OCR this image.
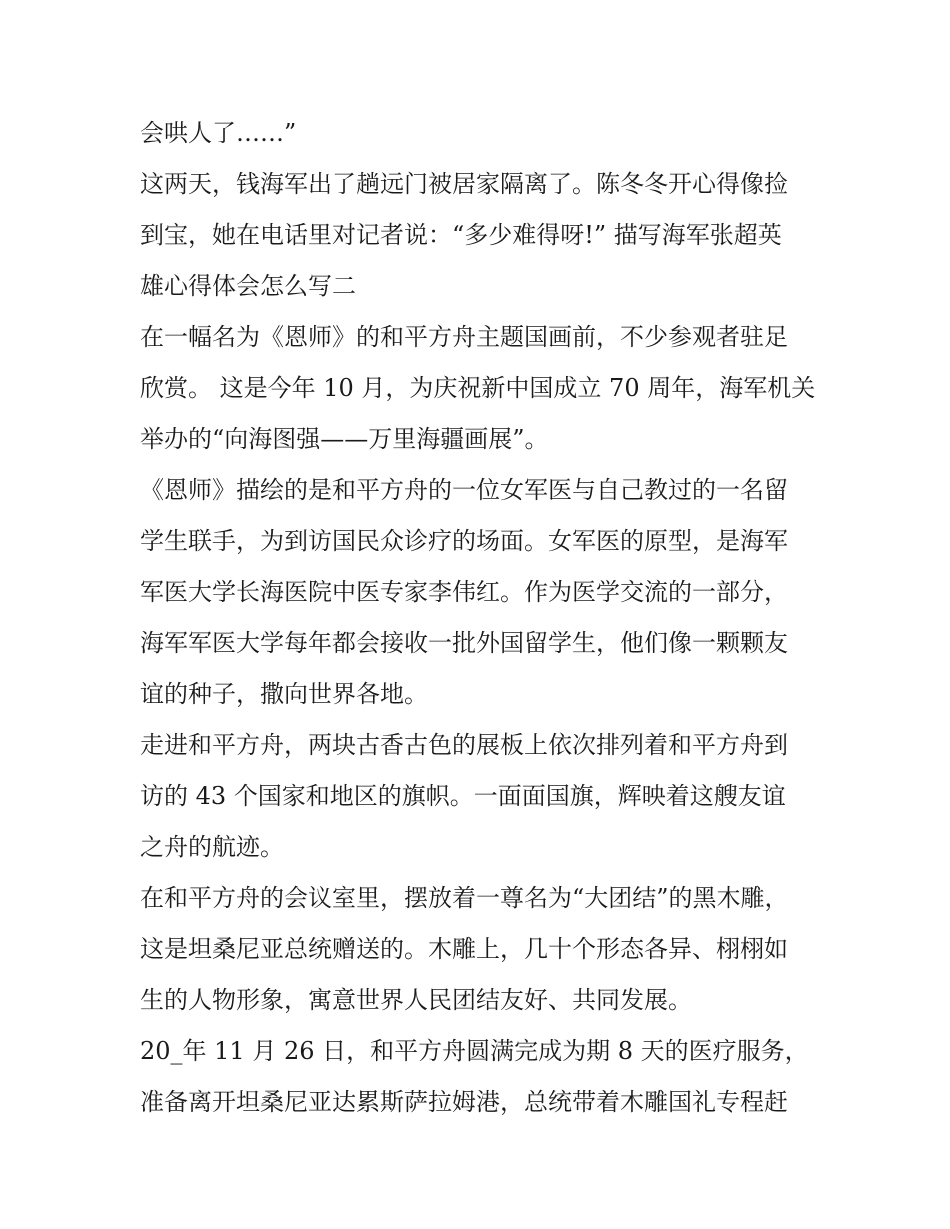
会哄人了……”
这两天，钱海军出了趟远门被居家隔离了。陈冬冬开心得像捡
到宝，她在电话里对记者说：“多少难得呀!” 描写海军张超英
雄心得体会怎么写二
在一幅名为《恩师》的和平方舟主题国画前，不少参观者驻足
欣赏。 这是今年 10 月，为庆祝新中国成立 70 周年，海军机关
举办的“向海图强——万里海疆画展”。
《恩师》描绘的是和平方舟的一位女军医与自己教过的一名留
学生联手，为到访国民众诊疗的场面。女军医的原型，是海军
军医大学长海医院中医专家李伟红。作为医学交流的一部分，
海军军医大学每年都会接收一批外国留学生，他们像一颗颗友
谊的种子，撒向世界各地。
走进和平方舟，两块古香古色的展板上依次排列着和平方舟到
访的 43 个国家和地区的旗帜。一面面国旗，辉映着这艘友谊
之舟的航迹。
在和平方舟的会议室里，摆放着一尊名为“大团结”的黑木雕，
这是坦桑尼亚总统赠送的。木雕上，几十个形态各异、栩栩如
生的人物形象，寓意世界人民团结友好、共同发展。
20_年 11 月 26 日，和平方舟圆满完成为期 8 天的医疗服务，
准备离开坦桑尼亚达累斯萨拉姆港，总统带着木雕国礼专程赶
